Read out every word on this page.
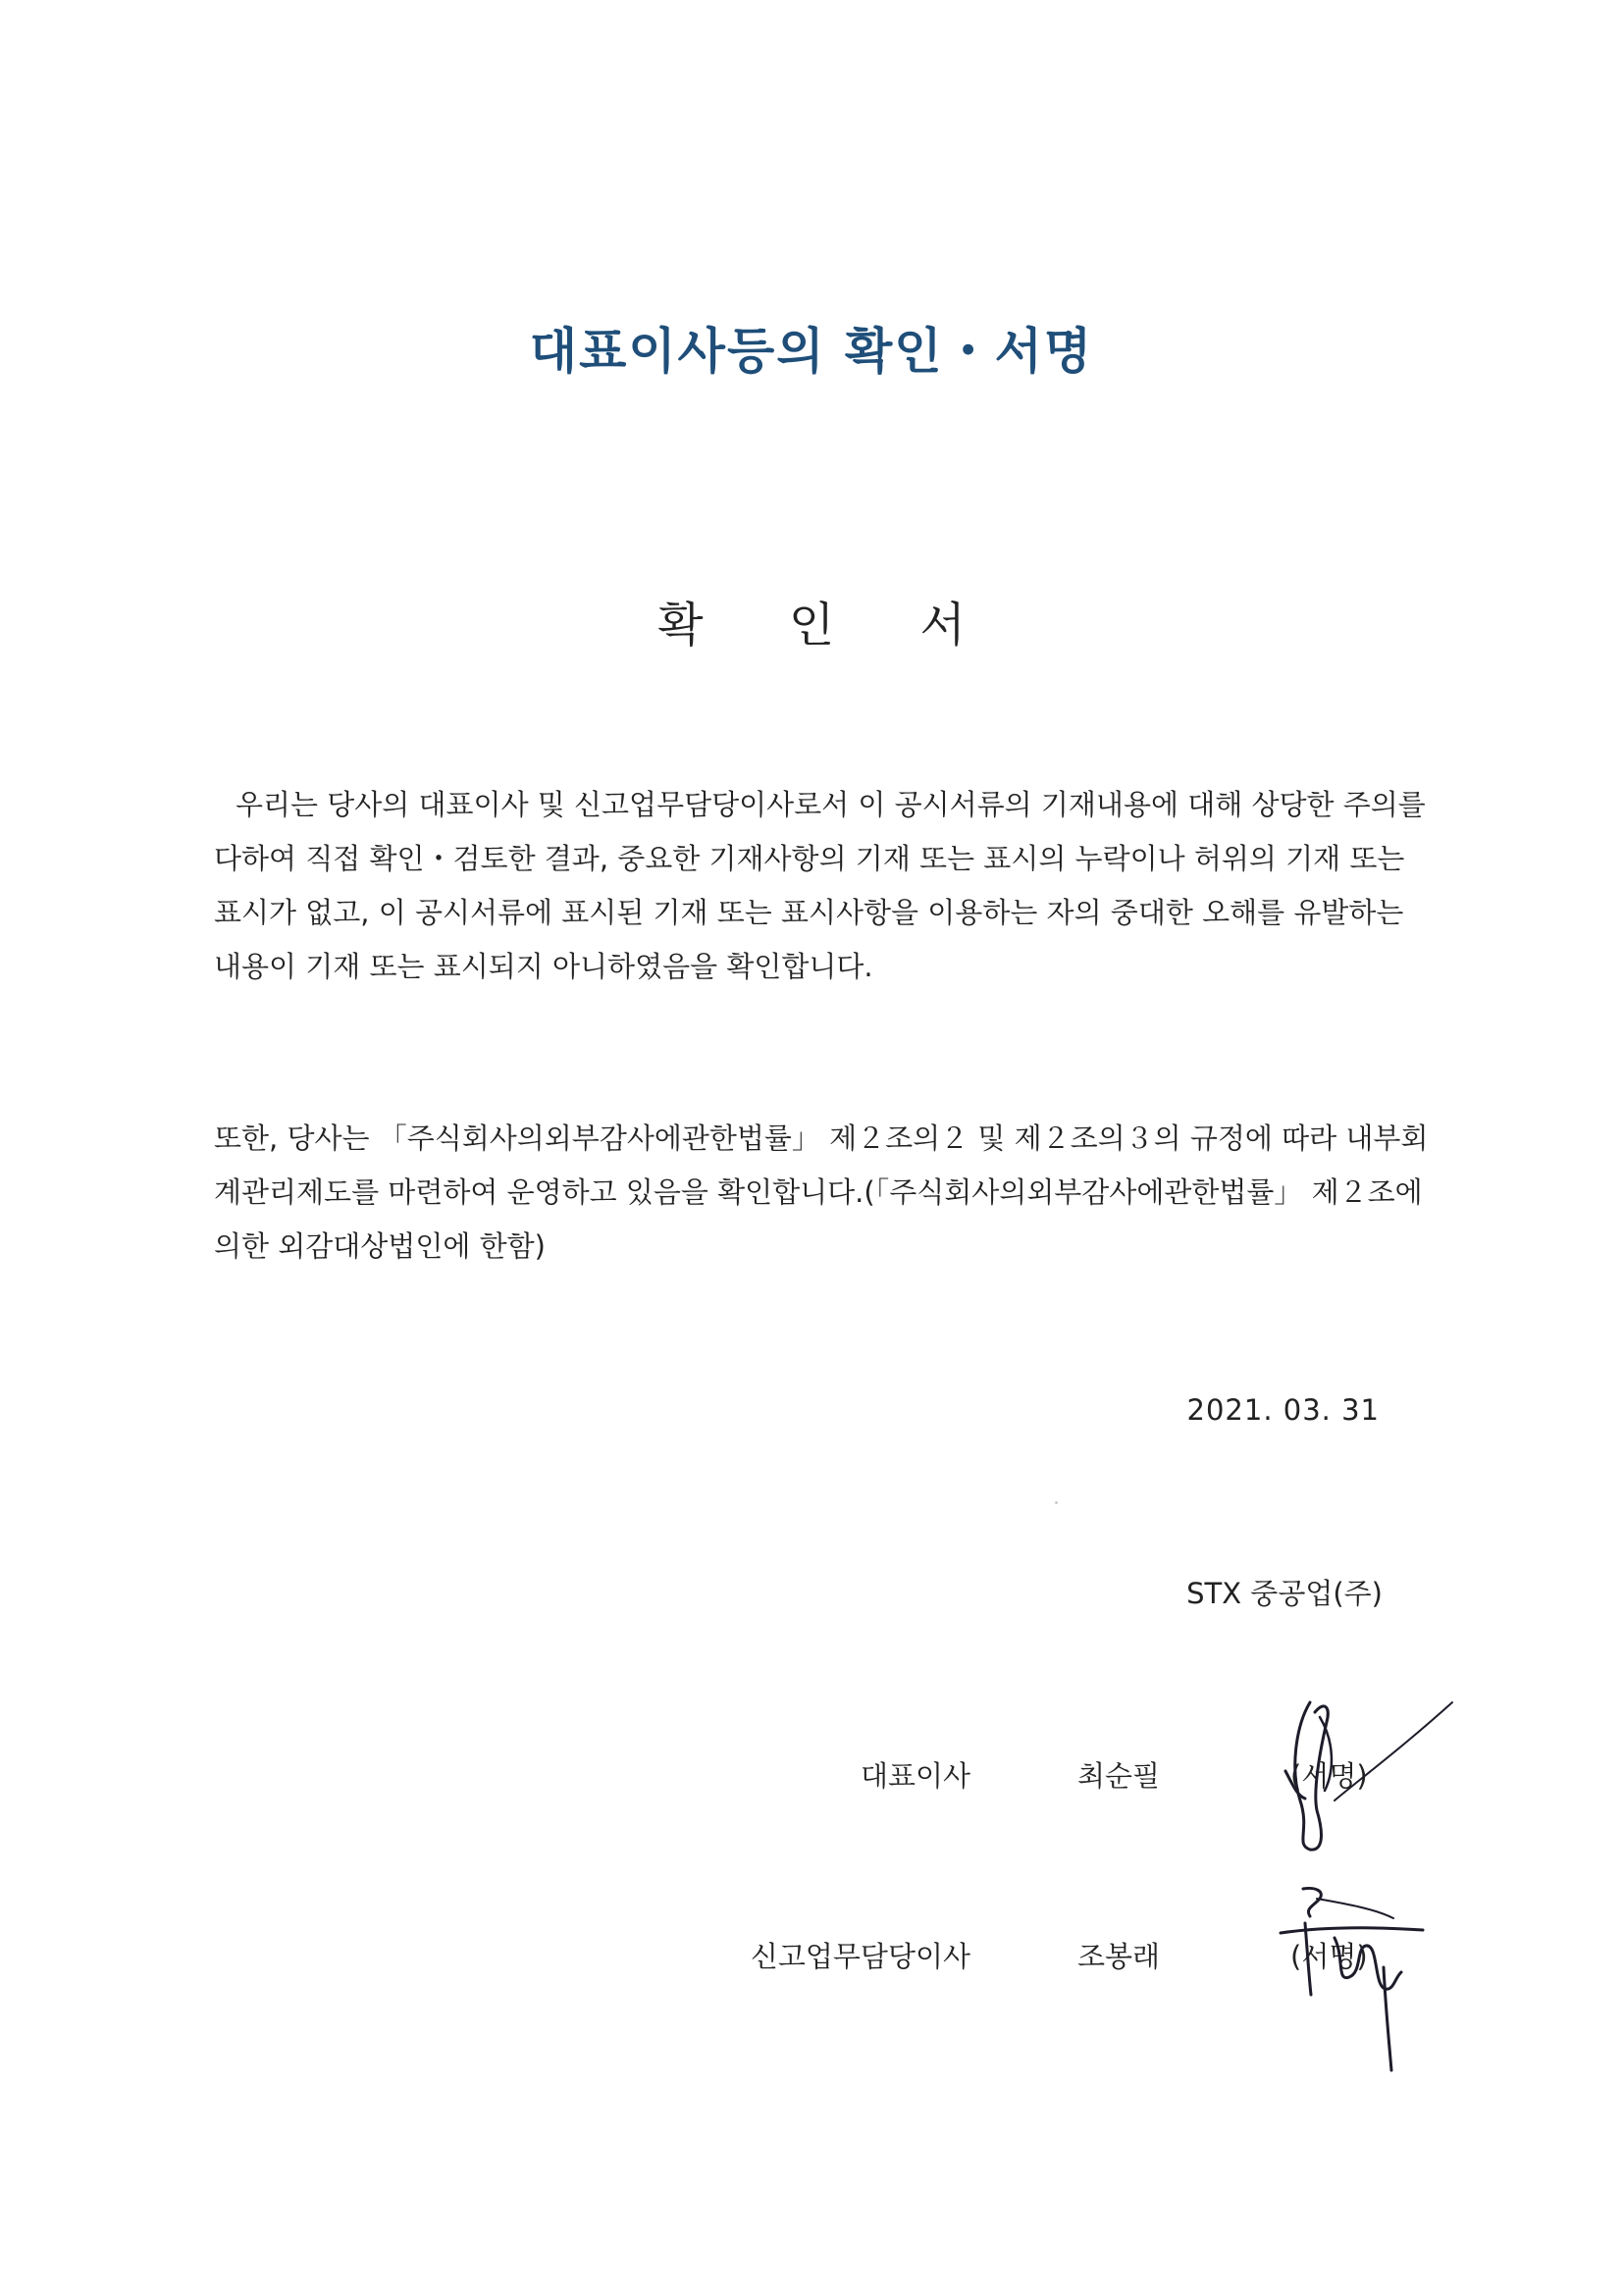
대표이사등의 확인・서명
확 인 서

우리는 당사의 대표이사 및 신고업무담당이사로서 이 공시서류의 기재내용에 대해 상당한 주의를 다하여 직접 확인・검토한 결과, 중요한 기재사항의 기재 또는 표시의 누락이나 허위의 기재 또는 표시가 없고, 이 공시서류에 표시된 기재 또는 표시사항을 이용하는 자의 중대한 오해를 유발하는 내용이 기재 또는 표시되지 아니하였음을 확인합니다.

또한, 당사는 「주식회사의외부감사에관한법률」 제２조의２ 및 제２조의３의 규정에 따라 내부회계관리제도를 마련하여 운영하고 있음을 확인합니다.(「주식회사의외부감사에관한법률」 제２조에 의한 외감대상법인에 한함)

2021. 03. 31
STX 중공업(주)
대표이사	최순필	(서명)
신고업무담당이사	조봉래	(서명)
